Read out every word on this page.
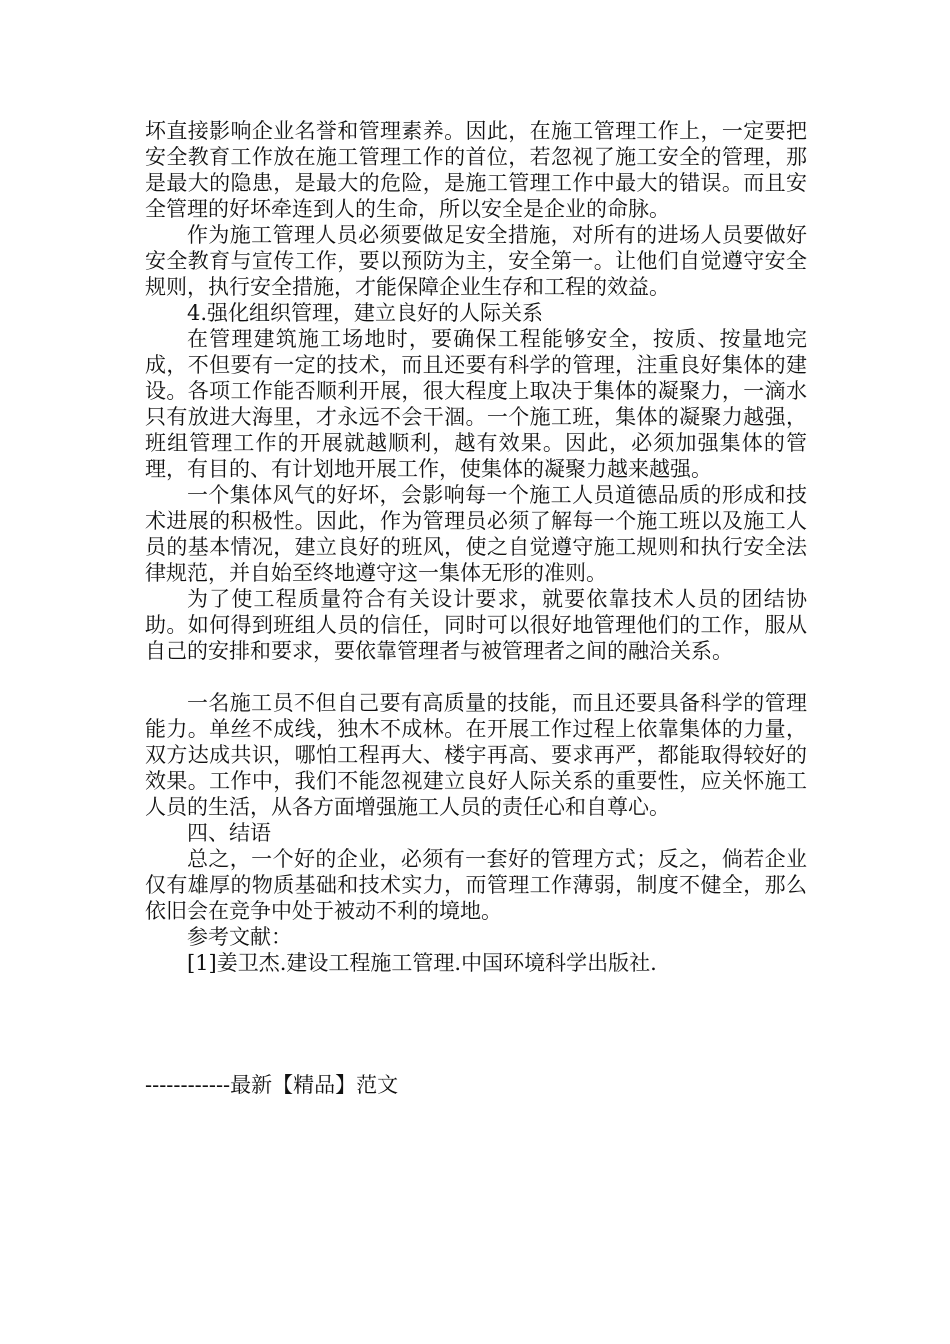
坏直接影响企业名誉和管理素养。因此，在施工管理工作上，一定要把安全教育工作放在施工管理工作的首位，若忽视了施工安全的管理，那是最大的隐患，是最大的危险，是施工管理工作中最大的错误。而且安全管理的好坏牵连到人的生命，所以安全是企业的命脉。

作为施工管理人员必须要做足安全措施，对所有的进场人员要做好安全教育与宣传工作，要以预防为主，安全第一。让他们自觉遵守安全规则，执行安全措施，才能保障企业生存和工程的效益。

4.强化组织管理，建立良好的人际关系

在管理建筑施工场地时，要确保工程能够安全，按质、按量地完成，不但要有一定的技术，而且还要有科学的管理，注重良好集体的建设。各项工作能否顺利开展，很大程度上取决于集体的凝聚力，一滴水只有放进大海里，才永远不会干涸。一个施工班，集体的凝聚力越强，班组管理工作的开展就越顺利，越有效果。因此，必须加强集体的管理，有目的、有计划地开展工作，使集体的凝聚力越来越强。

一个集体风气的好坏，会影响每一个施工人员道德品质的形成和技术进展的积极性。因此，作为管理员必须了解每一个施工班以及施工人员的基本情况，建立良好的班风，使之自觉遵守施工规则和执行安全法律规范，并自始至终地遵守这一集体无形的准则。

为了使工程质量符合有关设计要求，就要依靠技术人员的团结协助。如何得到班组人员的信任，同时可以很好地管理他们的工作，服从自己的安排和要求，要依靠管理者与被管理者之间的融洽关系。

一名施工员不但自己要有高质量的技能，而且还要具备科学的管理能力。单丝不成线，独木不成林。在开展工作过程上依靠集体的力量，双方达成共识，哪怕工程再大、楼宇再高、要求再严，都能取得较好的效果。工作中，我们不能忽视建立良好人际关系的重要性，应关怀施工人员的生活，从各方面增强施工人员的责任心和自尊心。

四、结语

总之，一个好的企业，必须有一套好的管理方式；反之，倘若企业仅有雄厚的物质基础和技术实力，而管理工作薄弱，制度不健全，那么依旧会在竞争中处于被动不利的境地。

参考文献：

[1]姜卫杰.建设工程施工管理.中国环境科学出版社.

------------最新【精品】范文
